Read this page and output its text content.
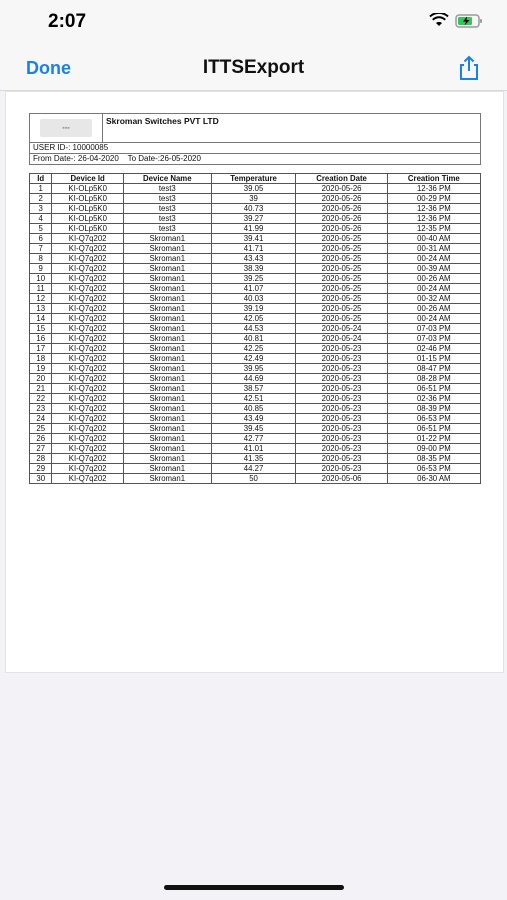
2:07
Done	ITTSExport
▪▪▪
Skroman Switches PVT LTD
USER ID-: 10000085
From Date-: 26-04-2020    To Date-:26-05-2020
Id	Device Id	Device Name	Temperature	Creation Date	Creation Time
1	KI-OLp5K0	test3	39.05	2020-05-26	12-36 PM
2	KI-OLp5K0	test3	39	2020-05-26	00-29 PM
3	KI-OLp5K0	test3	40.73	2020-05-26	12-36 PM
4	KI-OLp5K0	test3	39.27	2020-05-26	12-36 PM
5	KI-OLp5K0	test3	41.99	2020-05-26	12-35 PM
6	KI-Q7q202	Skroman1	39.41	2020-05-25	00-40 AM
7	KI-Q7q202	Skroman1	41.71	2020-05-25	00-31 AM
8	KI-Q7q202	Skroman1	43.43	2020-05-25	00-24 AM
9	KI-Q7q202	Skroman1	38.39	2020-05-25	00-39 AM
10	KI-Q7q202	Skroman1	39.25	2020-05-25	00-26 AM
11	KI-Q7q202	Skroman1	41.07	2020-05-25	00-24 AM
12	KI-Q7q202	Skroman1	40.03	2020-05-25	00-32 AM
13	KI-Q7q202	Skroman1	39.19	2020-05-25	00-26 AM
14	KI-Q7q202	Skroman1	42.05	2020-05-25	00-24 AM
15	KI-Q7q202	Skroman1	44.53	2020-05-24	07-03 PM
16	KI-Q7q202	Skroman1	40.81	2020-05-24	07-03 PM
17	KI-Q7q202	Skroman1	42.25	2020-05-23	02-46 PM
18	KI-Q7q202	Skroman1	42.49	2020-05-23	01-15 PM
19	KI-Q7q202	Skroman1	39.95	2020-05-23	08-47 PM
20	KI-Q7q202	Skroman1	44.69	2020-05-23	08-28 PM
21	KI-Q7q202	Skroman1	38.57	2020-05-23	06-51 PM
22	KI-Q7q202	Skroman1	42.51	2020-05-23	02-36 PM
23	KI-Q7q202	Skroman1	40.85	2020-05-23	08-39 PM
24	KI-Q7q202	Skroman1	43.49	2020-05-23	06-53 PM
25	KI-Q7q202	Skroman1	39.45	2020-05-23	06-51 PM
26	KI-Q7q202	Skroman1	42.77	2020-05-23	01-22 PM
27	KI-Q7q202	Skroman1	41.01	2020-05-23	09-00 PM
28	KI-Q7q202	Skroman1	41.35	2020-05-23	08-35 PM
29	KI-Q7q202	Skroman1	44.27	2020-05-23	06-53 PM
30	KI-Q7q202	Skroman1	50	2020-05-06	06-30 AM
